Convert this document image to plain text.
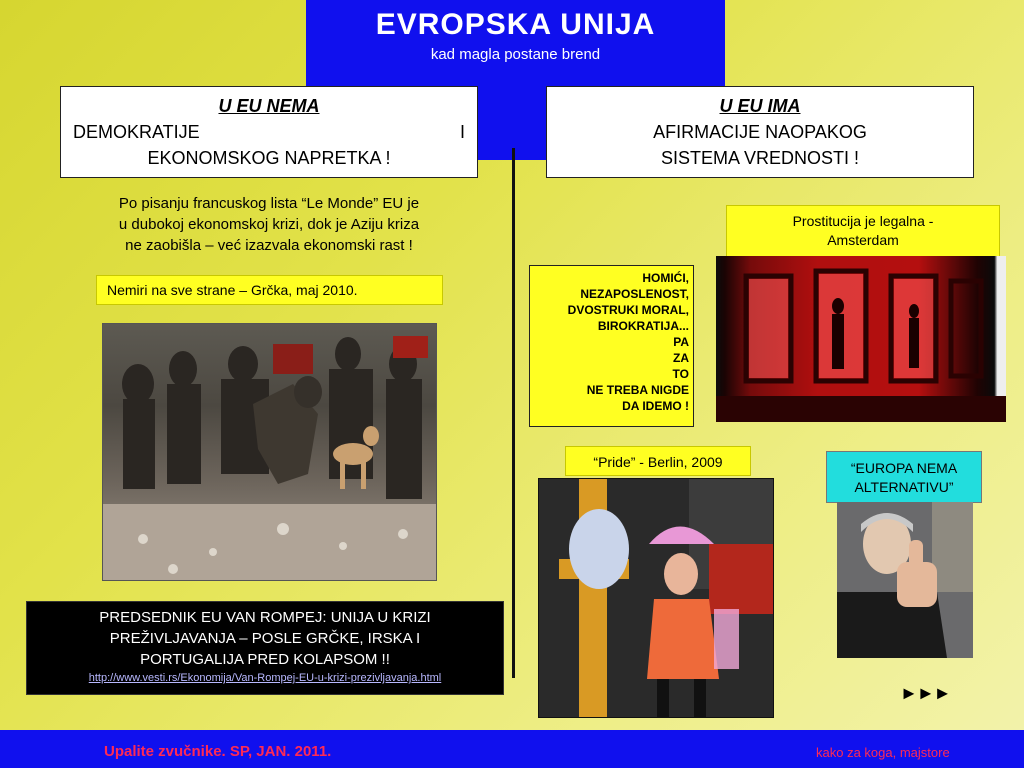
EVROPSKA UNIJA
kad magla postane brend
U EU NEMA
DEMOKRATIJE	I
EKONOMSKOG NAPRETKA !
U EU IMA
AFIRMACIJE NAOPAKOG
SISTEMA VREDNOSTI !
Po pisanju francuskog lista “Le Monde” EU je
u dubokoj ekonomskoj krizi, dok je Aziju kriza
ne zaobišla – već izazvala ekonomski rast !
Nemiri na sve strane – Grčka, maj 2010.
HOMIĆI,
NEZAPOSLENOST,
DVOSTRUKI MORAL,
BIROKRATIJA...
PA
ZA
TO
NE TREBA NIGDE
DA IDEMO !
Prostitucija je legalna -
Amsterdam
“Pride” - Berlin, 2009	“EUROPA NEMA
ALTERNATIVU”
PREDSEDNIK EU VAN ROMPEJ: UNIJA U KRIZI
PREŽIVLJAVANJA – POSLE GRČKE, IRSKA I
PORTUGALIJA PRED KOLAPSOM !!
http://www.vesti.rs/Ekonomija/Van-Rompej-EU-u-krizi-prezivljavanja.html
►►►
Upalite zvučnike. SP, JAN. 2011.	kako za koga, majstore
